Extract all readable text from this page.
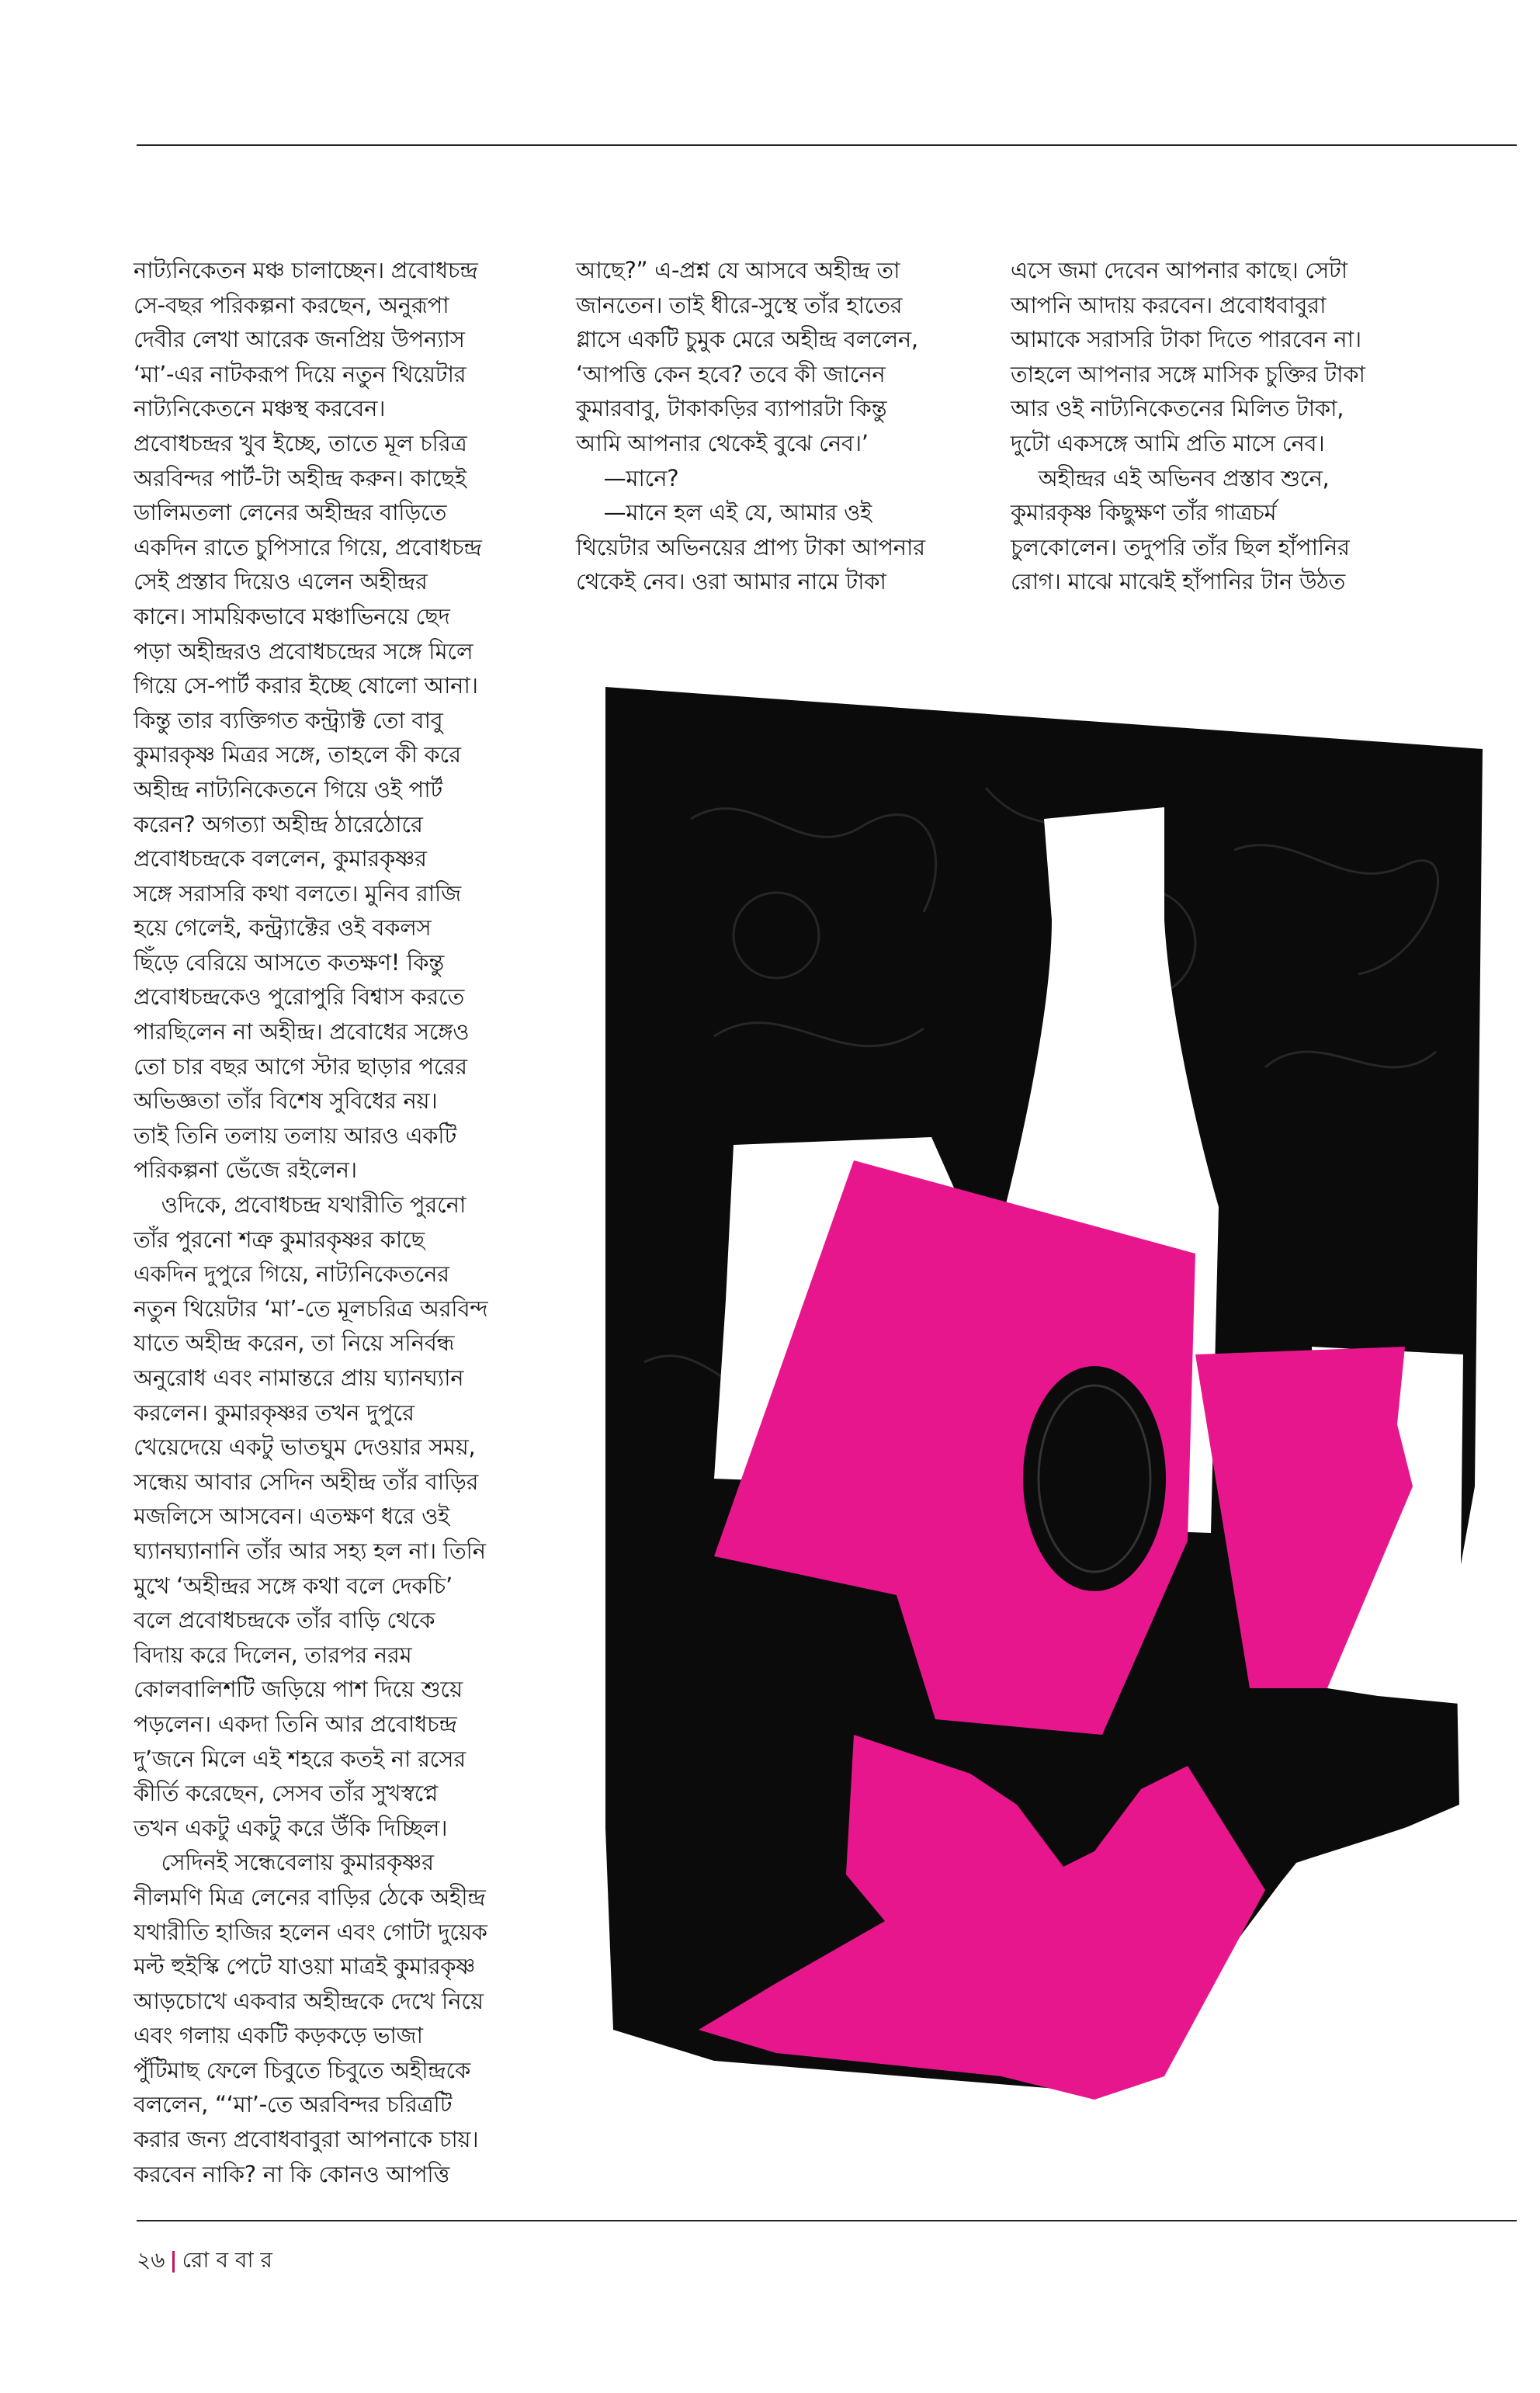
নাট্যনিকেতন মঞ্চ চালাচ্ছেন। প্রবোধচন্দ্র

সে-বছর পরিকল্পনা করছেন, অনুরূপা

দেবীর লেখা আরেক জনপ্রিয় উপন্যাস

‘মা’-এর নাটকরূপ দিয়ে নতুন থিয়েটার

নাট্যনিকেতনে মঞ্চস্থ করবেন।

প্রবোধচন্দ্রর খুব ইচ্ছে, তাতে মূল চরিত্র

অরবিন্দর পার্ট-টা অহীন্দ্র করুন। কাছেই

ডালিমতলা লেনের অহীন্দ্রর বাড়িতে

একদিন রাতে চুপিসারে গিয়ে, প্রবোধচন্দ্র

সেই প্রস্তাব দিয়েও এলেন অহীন্দ্রর

কানে। সাময়িকভাবে মঞ্চাভিনয়ে ছেদ

পড়া অহীন্দ্ররও প্রবোধচন্দ্রের সঙ্গে মিলে

গিয়ে সে-পার্ট করার ইচ্ছে ষোলো আনা।

কিন্তু তার ব্যক্তিগত কন্ট্র্যাক্ট তো বাবু

কুমারকৃষ্ণ মিত্রর সঙ্গে, তাহলে কী করে

অহীন্দ্র নাট্যনিকেতনে গিয়ে ওই পার্ট

করেন? অগত্যা অহীন্দ্র ঠারেঠোরে

প্রবোধচন্দ্রকে বললেন, কুমারকৃষ্ণর

সঙ্গে সরাসরি কথা বলতে। মুনিব রাজি

হয়ে গেলেই, কন্ট্র্যাক্টের ওই বকলস

ছিঁড়ে বেরিয়ে আসতে কতক্ষণ! কিন্তু

প্রবোধচন্দ্রকেও পুরোপুরি বিশ্বাস করতে

পারছিলেন না অহীন্দ্র। প্রবোধের সঙ্গেও

তো চার বছর আগে স্টার ছাড়ার পরের

অভিজ্ঞতা তাঁর বিশেষ সুবিধের নয়।

তাই তিনি তলায় তলায় আরও একটি

পরিকল্পনা ভেঁজে রইলেন।

ওদিকে, প্রবোধচন্দ্র যথারীতি পুরনো

তাঁর পুরনো শত্রু কুমারকৃষ্ণর কাছে

একদিন দুপুরে গিয়ে, নাট্যনিকেতনের

নতুন থিয়েটার ‘মা’-তে মূলচরিত্র অরবিন্দ

যাতে অহীন্দ্র করেন, তা নিয়ে সনির্বন্ধ

অনুরোধ এবং নামান্তরে প্রায় ঘ্যানঘ্যান

করলেন। কুমারকৃষ্ণর তখন দুপুরে

খেয়েদেয়ে একটু ভাতঘুম দেওয়ার সময়,

সন্ধেয় আবার সেদিন অহীন্দ্র তাঁর বাড়ির

মজলিসে আসবেন। এতক্ষণ ধরে ওই

ঘ্যানঘ্যানানি তাঁর আর সহ্য হল না। তিনি

মুখে ‘অহীন্দ্রর সঙ্গে কথা বলে দেকচি’

বলে প্রবোধচন্দ্রকে তাঁর বাড়ি থেকে

বিদায় করে দিলেন, তারপর নরম

কোলবালিশটি জড়িয়ে পাশ দিয়ে শুয়ে

পড়লেন। একদা তিনি আর প্রবোধচন্দ্র

দু’জনে মিলে এই শহরে কতই না রসের

কীর্তি করেছেন, সেসব তাঁর সুখস্বপ্নে

তখন একটু একটু করে উঁকি দিচ্ছিল।

সেদিনই সন্ধেবেলায় কুমারকৃষ্ণর

নীলমণি মিত্র লেনের বাড়ির ঠেকে অহীন্দ্র

যথারীতি হাজির হলেন এবং গোটা দুয়েক

মল্ট হুইস্কি পেটে যাওয়া মাত্রই কুমারকৃষ্ণ

আড়চোখে একবার অহীন্দ্রকে দেখে নিয়ে

এবং গলায় একটি কড়কড়ে ভাজা

পুঁটিমাছ ফেলে চিবুতে চিবুতে অহীন্দ্রকে

বললেন, “‘মা’-তে অরবিন্দর চরিত্রটি

করার জন্য প্রবোধবাবুরা আপনাকে চায়।

করবেন নাকি? না কি কোনও আপত্তি

আছে?” এ-প্রশ্ন যে আসবে অহীন্দ্র তা

জানতেন। তাই ধীরে-সুস্থে তাঁর হাতের

গ্লাসে একটি চুমুক মেরে অহীন্দ্র বললেন,

‘আপত্তি কেন হবে? তবে কী জানেন

কুমারবাবু, টাকাকড়ির ব্যাপারটা কিন্তু

আমি আপনার থেকেই বুঝে নেব।’

—মানে?

—মানে হল এই যে, আমার ওই

থিয়েটার অভিনয়ের প্রাপ্য টাকা আপনার

থেকেই নেব। ওরা আমার নামে টাকা

এসে জমা দেবেন আপনার কাছে। সেটা

আপনি আদায় করবেন। প্রবোধবাবুরা

আমাকে সরাসরি টাকা দিতে পারবেন না।

তাহলে আপনার সঙ্গে মাসিক চুক্তির টাকা

আর ওই নাট্যনিকেতনের মিলিত টাকা,

দুটো একসঙ্গে আমি প্রতি মাসে নেব।

অহীন্দ্রর এই অভিনব প্রস্তাব শুনে,

কুমারকৃষ্ণ কিছুক্ষণ তাঁর গাত্রচর্ম

চুলকোলেন। তদুপরি তাঁর ছিল হাঁপানির

রোগ। মাঝে মাঝেই হাঁপানির টান উঠত

২৬ | রো ব বা র
